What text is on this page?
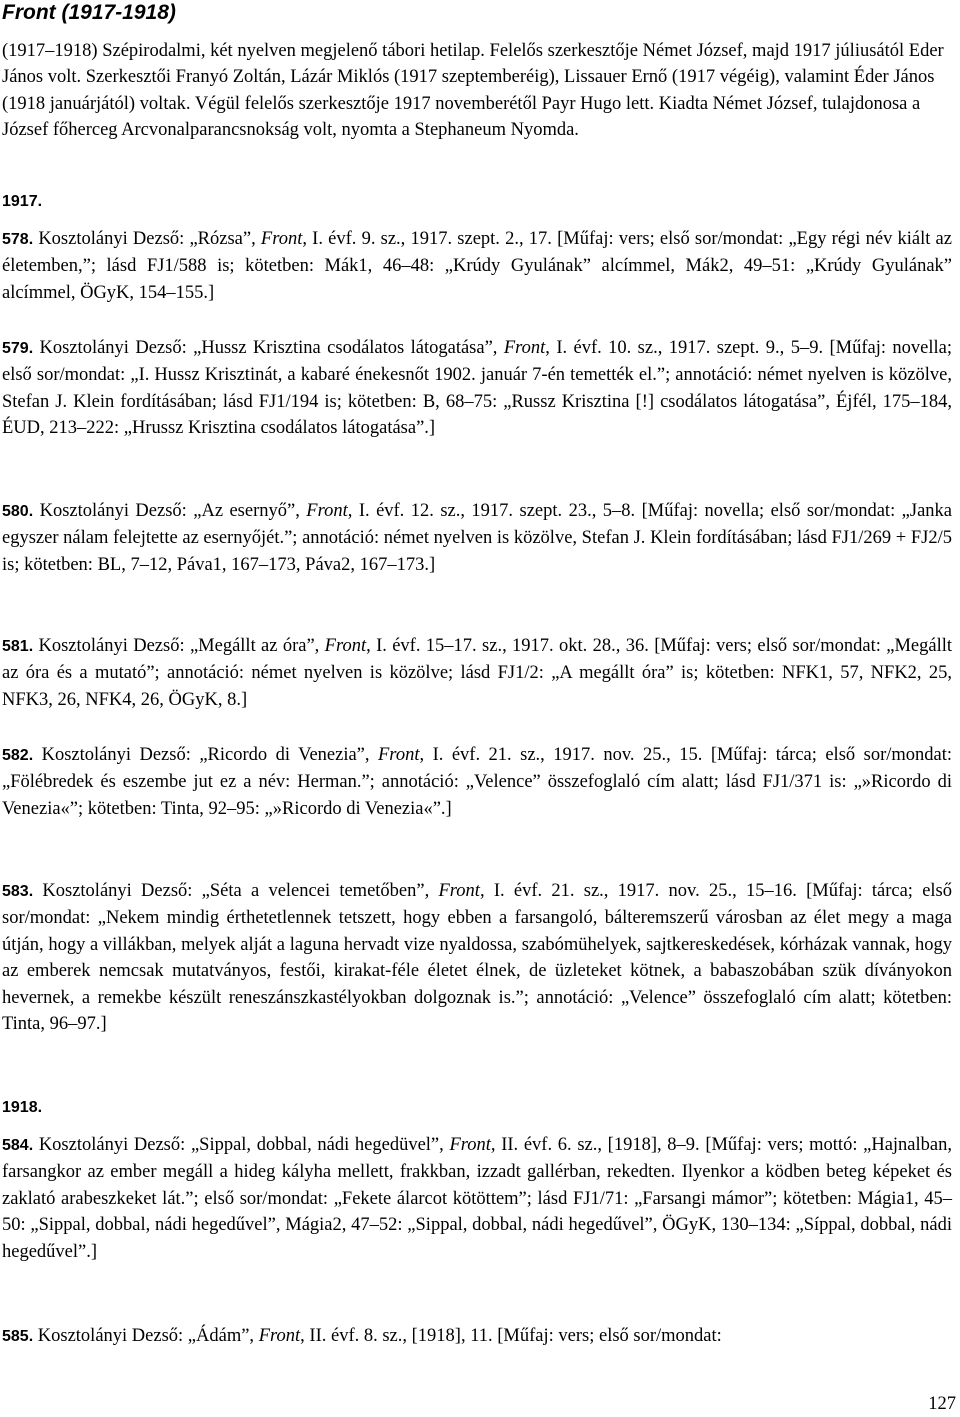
Front (1917-1918)

(1917–1918) Szépirodalmi, két nyelven megjelenő tábori hetilap. Felelős szerkesztője Német József, majd 1917 júliusától Eder János volt. Szerkesztői Franyó Zoltán, Lázár Miklós (1917 szeptemberéig), Lissauer Ernő (1917 végéig), valamint Éder János (1918 januárjától) voltak. Végül felelős szerkesztője 1917 novemberétől Payr Hugo lett. Kiadta Német József, tulajdonosa a József főherceg Arcvonalparancsnokság volt, nyomta a Stephaneum Nyomda.

1917.

578. Kosztolányi Dezső: „Rózsa”, Front, I. évf. 9. sz., 1917. szept. 2., 17. [Műfaj: vers; első sor/mondat: „Egy régi név kiált az életemben,”; lásd FJ1/588 is; kötetben: Mák1, 46–48: „Krúdy Gyulának” alcímmel, Mák2, 49–51: „Krúdy Gyulának” alcímmel, ÖGyK, 154–155.]

579. Kosztolányi Dezső: „Hussz Krisztina csodálatos látogatása”, Front, I. évf. 10. sz., 1917. szept. 9., 5–9. [Műfaj: novella; első sor/mondat: „I. Hussz Krisztinát, a kabaré énekesnőt 1902. január 7-én temették el.”; annotáció: német nyelven is közölve, Stefan J. Klein fordításában; lásd FJ1/194 is; kötetben: B, 68–75: „Russz Krisztina [!] csodálatos látogatása”, Éjfél, 175–184, ÉUD, 213–222: „Hrussz Krisztina csodálatos látogatása”.]

580. Kosztolányi Dezső: „Az esernyő”, Front, I. évf. 12. sz., 1917. szept. 23., 5–8. [Műfaj: novella; első sor/mondat: „Janka egyszer nálam felejtette az esernyőjét.”; annotáció: német nyelven is közölve, Stefan J. Klein fordításában; lásd FJ1/269 + FJ2/5 is; kötetben: BL, 7–12, Páva1, 167–173, Páva2, 167–173.]

581. Kosztolányi Dezső: „Megállt az óra”, Front, I. évf. 15–17. sz., 1917. okt. 28., 36. [Műfaj: vers; első sor/mondat: „Megállt az óra és a mutató”; annotáció: német nyelven is közölve; lásd FJ1/2: „A megállt óra” is; kötetben: NFK1, 57, NFK2, 25, NFK3, 26, NFK4, 26, ÖGyK, 8.]

582. Kosztolányi Dezső: „Ricordo di Venezia”, Front, I. évf. 21. sz., 1917. nov. 25., 15. [Műfaj: tárca; első sor/mondat: „Fölébredek és eszembe jut ez a név: Herman.”; annotáció: „Velence” összefoglaló cím alatt; lásd FJ1/371 is: „»Ricordo di Venezia«”; kötetben: Tinta, 92–95: „»Ricordo di Venezia«”.]

583. Kosztolányi Dezső: „Séta a velencei temetőben”, Front, I. évf. 21. sz., 1917. nov. 25., 15–16. [Műfaj: tárca; első sor/mondat: „Nekem mindig érthetetlennek tetszett, hogy ebben a farsangoló, bálteremszerű városban az élet megy a maga útján, hogy a villákban, melyek alját a laguna hervadt vize nyaldossa, szabómühelyek, sajtkereskedések, kórházak vannak, hogy az emberek nemcsak mutatványos, festői, kirakat-féle életet élnek, de üzleteket kötnek, a babaszobában szük díványokon hevernek, a remekbe készült reneszánszkastélyokban dolgoznak is.”; annotáció: „Velence” összefoglaló cím alatt; kötetben: Tinta, 96–97.]

1918.

584. Kosztolányi Dezső: „Sippal, dobbal, nádi hegedüvel”, Front, II. évf. 6. sz., [1918], 8–9. [Műfaj: vers; mottó: „Hajnalban, farsangkor az ember megáll a hideg kályha mellett, frakkban, izzadt gallérban, rekedten. Ilyenkor a ködben beteg képeket és zaklató arabeszkeket lát.”; első sor/mondat: „Fekete álarcot kötöttem”; lásd FJ1/71: „Farsangi mámor”; kötetben: Mágia1, 45–50: „Sippal, dobbal, nádi hegedűvel”, Mágia2, 47–52: „Sippal, dobbal, nádi hegedűvel”, ÖGyK, 130–134: „Síppal, dobbal, nádi hegedűvel”.]

585. Kosztolányi Dezső: „Ádám”, Front, II. évf. 8. sz., [1918], 11. [Műfaj: vers; első sor/mondat:

127
